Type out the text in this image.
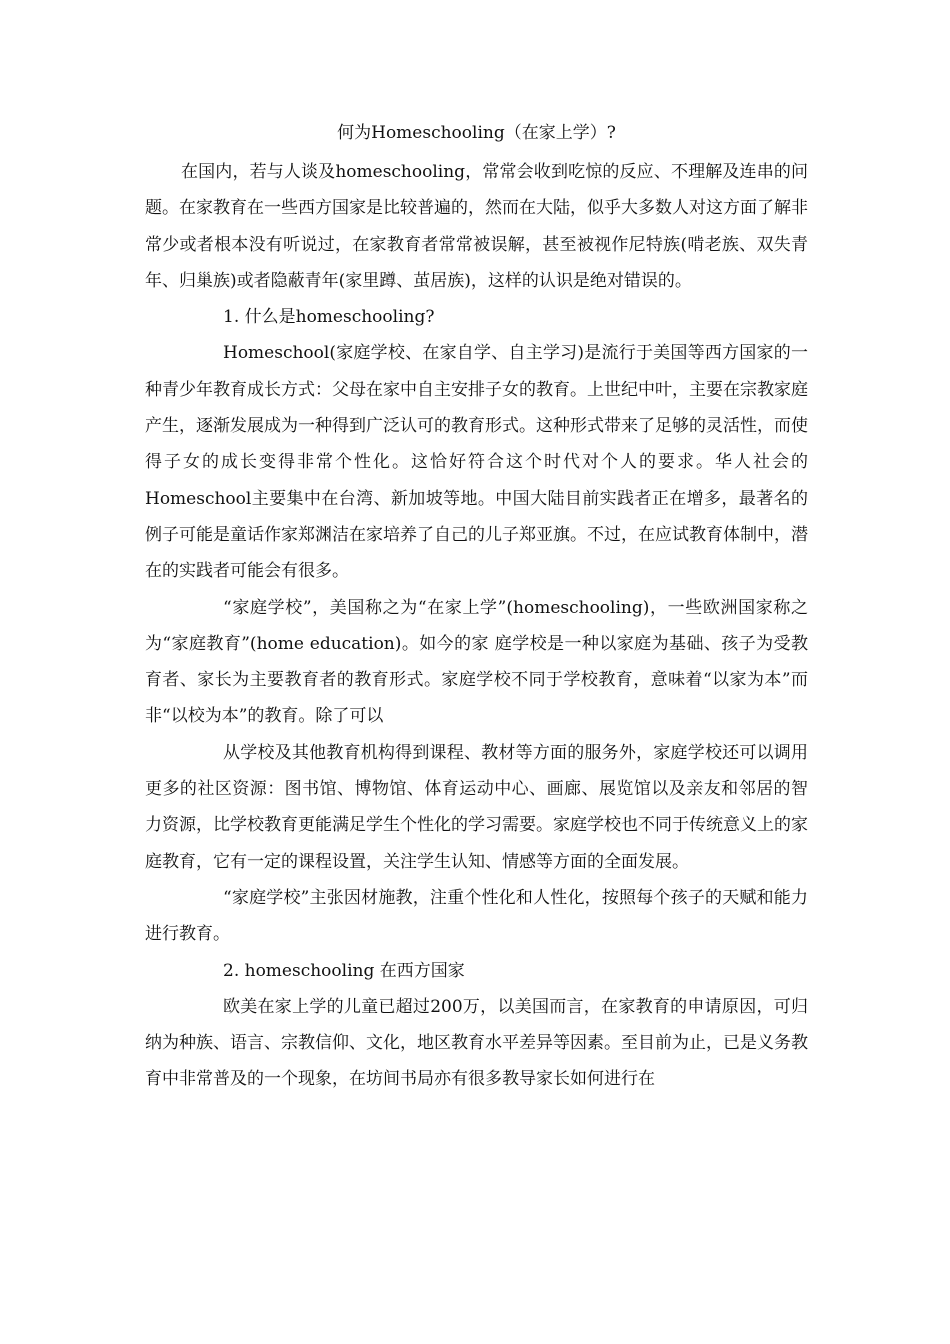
何为Homeschooling（在家上学）?

在国内，若与人谈及homeschooling，常常会收到吃惊的反应、不理解及连串的问题。在家教育在一些西方国家是比较普遍的，然而在大陆，似乎大多数人对这方面了解非常少或者根本没有听说过，在家教育者常常被误解，甚至被视作尼特族(啃老族、双失青年、归巢族)或者隐蔽青年(家里蹲、茧居族)，这样的认识是绝对错误的。

1. 什么是homeschooling?

Homeschool(家庭学校、在家自学、自主学习)是流行于美国等西方国家的一种青少年教育成长方式：父母在家中自主安排子女的教育。上世纪中叶，主要在宗教家庭产生，逐渐发展成为一种得到广泛认可的教育形式。这种形式带来了足够的灵活性，而使得子女的成长变得非常个性化。这恰好符合这个时代对个人的要求。华人社会的Homeschool主要集中在台湾、新加坡等地。中国大陆目前实践者正在增多，最著名的例子可能是童话作家郑渊洁在家培养了自己的儿子郑亚旗。不过，在应试教育体制中，潜在的实践者可能会有很多。

“家庭学校”，美国称之为“在家上学”(homeschooling)，一些欧洲国家称之为“家庭教育”(home education)。如今的家 庭学校是一种以家庭为基础、孩子为受教育者、家长为主要教育者的教育形式。家庭学校不同于学校教育，意味着“以家为本”而非“以校为本”的教育。除了可以

从学校及其他教育机构得到课程、教材等方面的服务外，家庭学校还可以调用更多的社区资源：图书馆、博物馆、体育运动中心、画廊、展览馆以及亲友和邻居的智 力资源，比学校教育更能满足学生个性化的学习需要。家庭学校也不同于传统意义上的家庭教育，它有一定的课程设置，关注学生认知、情感等方面的全面发展。

“家庭学校”主张因材施教，注重个性化和人性化，按照每个孩子的天赋和能力进行教育。

2. homeschooling 在西方国家

欧美在家上学的儿童已超过200万，以美国而言，在家教育的申请原因，可归纳为种族、语言、宗教信仰、文化，地区教育水平差异等因素。至目前为止，已是义务教育中非常普及的一个现象，在坊间书局亦有很多教导家长如何进行在
